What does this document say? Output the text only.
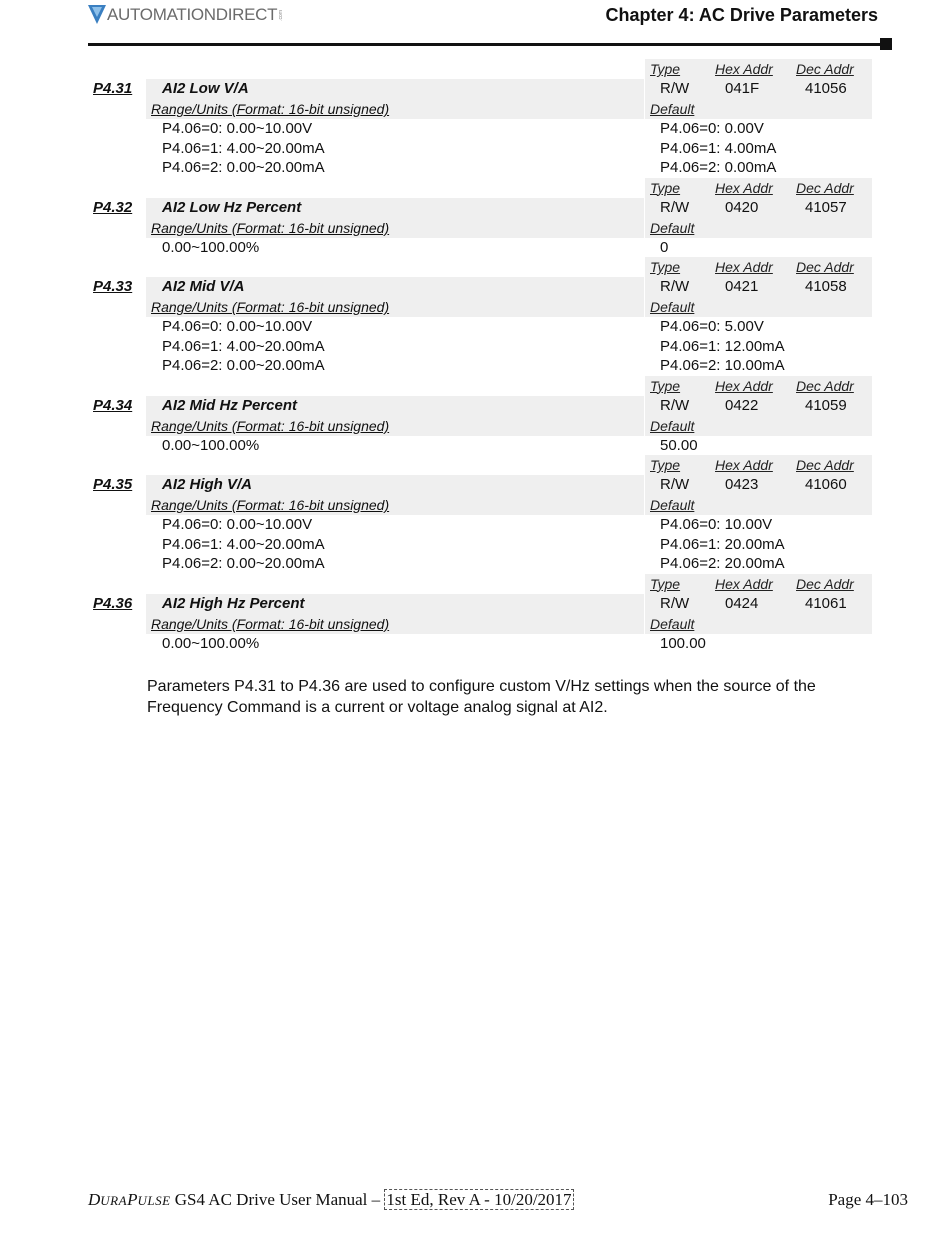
AUTOMATIONDIRECT .com	Chapter 4: AC Drive Parameters
Type Hex Addr Dec Addr
P4.31 AI2 Low V/A	R/W 041F	41056
Range/Units (Format: 16-bit unsigned)	Default
P4.06=0: 0.00~10.00V	P4.06=0: 0.00V
P4.06=1: 4.00~20.00mA	P4.06=1: 4.00mA
P4.06=2: 0.00~20.00mA	P4.06=2: 0.00mA
Type Hex Addr Dec Addr
P4.32 AI2 Low Hz Percent	R/W 0420	41057
Range/Units (Format: 16-bit unsigned)	Default
0.00~100.00%	0
Type Hex Addr Dec Addr
P4.33 AI2 Mid V/A	R/W 0421	41058
Range/Units (Format: 16-bit unsigned)	Default
P4.06=0: 0.00~10.00V	P4.06=0: 5.00V
P4.06=1: 4.00~20.00mA	P4.06=1: 12.00mA
P4.06=2: 0.00~20.00mA	P4.06=2: 10.00mA
Type Hex Addr Dec Addr
P4.34 AI2 Mid Hz Percent	R/W 0422	41059
Range/Units (Format: 16-bit unsigned)	Default
0.00~100.00%	50.00
Type Hex Addr Dec Addr
P4.35 AI2 High V/A	R/W 0423	41060
Range/Units (Format: 16-bit unsigned)	Default
P4.06=0: 0.00~10.00V	P4.06=0: 10.00V
P4.06=1: 4.00~20.00mA	P4.06=1: 20.00mA
P4.06=2: 0.00~20.00mA	P4.06=2: 20.00mA
Type Hex Addr Dec Addr
P4.36 AI2 High Hz Percent	R/W 0424	41061
Range/Units (Format: 16-bit unsigned)	Default
0.00~100.00%	100.00
Parameters P4.31 to P4.36 are used to configure custom V/Hz settings when the source of the Frequency Command is a current or voltage analog signal at AI2.
DURAPULSE GS4 AC Drive User Manual – 1st Ed, Rev A - 10/20/2017	Page 4–103
